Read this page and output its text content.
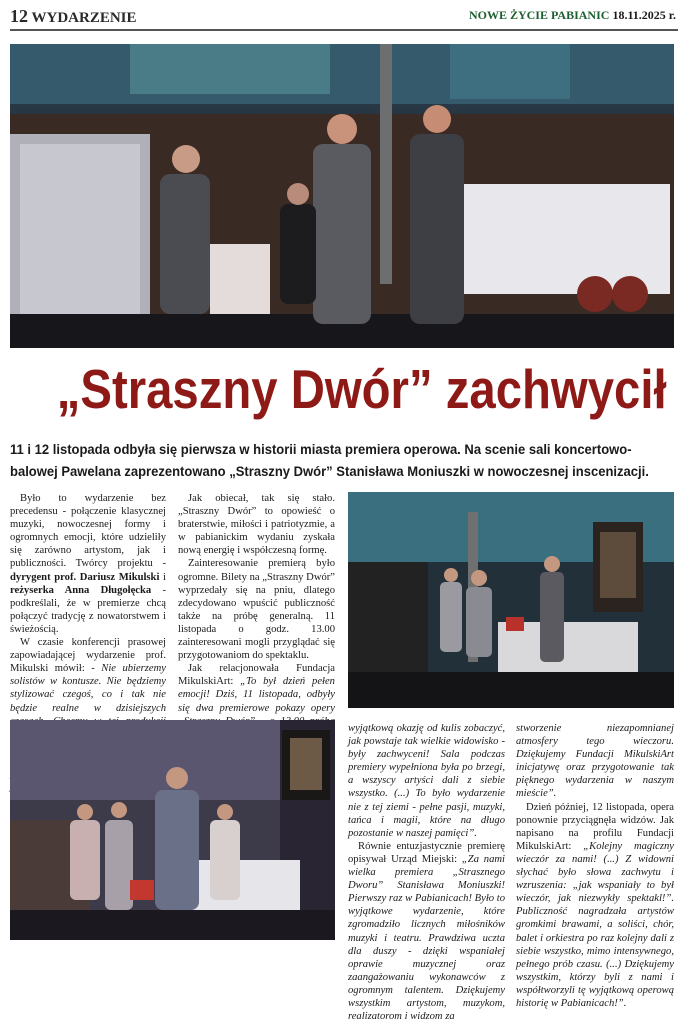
12 WYDARZENIE	NOWE ŻYCIE PABIANIC 18.11.2025 r.
„Straszny Dwór” zachwycił
11 i 12 listopada odbyła się pierwsza w historii miasta premiera operowa. Na scenie sali koncertowo-balowej Pawelana zaprezentowano „Straszny Dwór” Stanisława Moniuszki w nowoczesnej inscenizacji.

Było to wydarzenie bez precedensu - połączenie klasycznej muzyki, nowoczesnej formy i ogromnych emocji, które udzieliły się zarówno artystom, jak i publiczności. Twórcy projektu - dyrygent prof. Dariusz Mikulski i reżyserka Anna Długołęcka - podkreślali, że w premierze chcą połączyć tradycję z nowatorstwem i świeżością.

W czasie konferencji prasowej zapowiadającej wydarzenie prof. Mikulski mówił: - Nie ubierzemy solistów w kontusze. Nie będziemy stylizować czegoś, co i tak nie będzie realne w dzisiejszych

Jak obiecał, tak się stało. „Straszny Dwór” to opowieść o braterstwie, miłości i patriotyzmie, a w pabianickim wydaniu zyskała nową energię i współczesną formę.

Zainteresowanie premierą było ogromne. Bilety na „Straszny Dwór” wyprzedały się na pniu, dlatego zdecydowano wpuścić publiczność także na próbę generalną. 11 listopada o godz. 13.00 zainteresowani mogli przyglądać się przygotowaniom do spektaklu.

Jak relacjonowała Fundacja MikulskiArt: „To był dzień pełen emocji! Dziś, 11 listopada, odbyły się dwa premierowe pokazy opery

wyjątkową okazję od kulis zobaczyć, jak powstaje tak wielkie widowisko - były zachwyceni! Sala podczas premiery wypełniona była po brzegi, a wszyscy artyści dali z siebie wszystko. (...) To było wydarzenie nie z tej ziemi - pełne pasji, muzyki, tańca i magii, które na długo pozostanie w naszej pamięci”.

Równie entuzjastycznie premierę opisywał Urząd Miejski: „Za nami wielka premiera „Strasznego Dworu” Stanisława Moniuszki! Pierwszy raz w Pabianicach! Było to wyjątkowe wydarzenie, które zgromadziło licznych miłośników muzyki i teatru. Prawdziwa uczta dla duszy - dzięki wspaniałej oprawie muzycznej oraz zaangażowaniu wykonawców z ogromnym talentem. Dziękujemy wszystkim artystom, muzykom, realizatorom i widzom za

stworzenie niezapomnianej atmosfery tego wieczoru. Dziękujemy Fundacji MikulskiArt inicjatywę oraz przygotowanie tak pięknego wydarzenia w naszym mieście”.

Dzień później, 12 listopada, opera ponownie przyciągnęła widzów. Jak napisano na profilu Fundacji MikulskiArt: „Kolejny magiczny wieczór za nami! (...) Z widowni słychać było słowa zachwytu i wzruszenia: „jak wspaniały to był wieczór, jak niezwykły spektakl!”. Publiczność nagradzała artystów gromkimi brawami, a soliści, chór, balet i orkiestra po raz kolejny dali z siebie wszystko, mimo intensywnego, pełnego prób czasu. (...) Dziękujemy wszystkim, którzy byli z nami i współtworzyli tę wyjątkową operową historię w Pabianicach!”.
